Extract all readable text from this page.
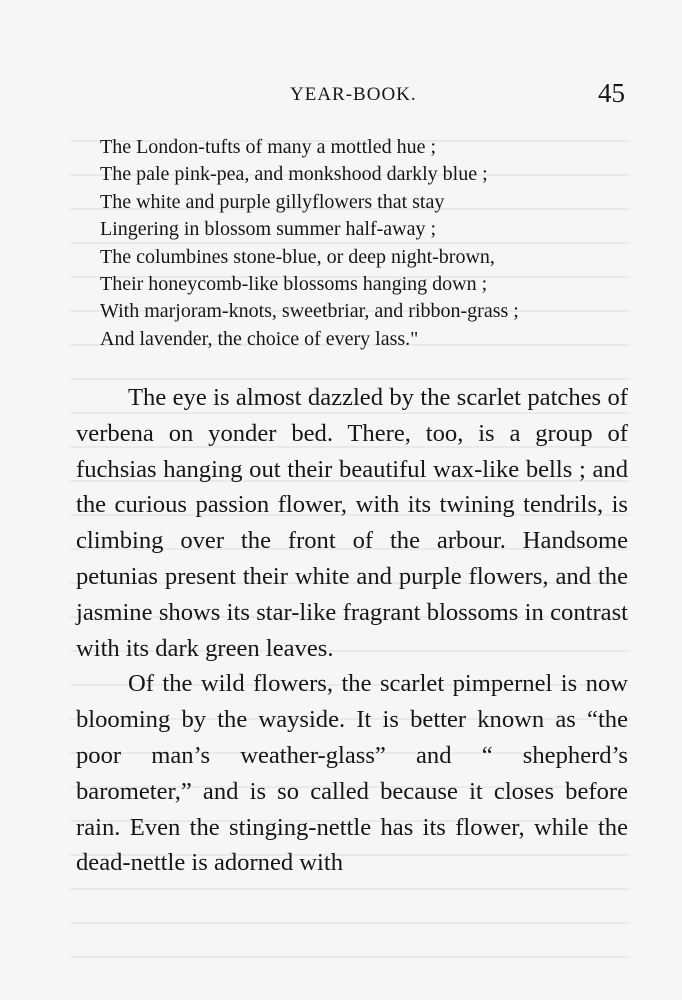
YEAR-BOOK.	45
The London-tufts of many a mottled hue ;
The pale pink-pea, and monkshood darkly blue ;
The white and purple gillyflowers that stay
Lingering in blossom summer half-away ;
The columbines stone-blue, or deep night-brown,
Their honeycomb-like blossoms hanging down ;
With marjoram-knots, sweetbriar, and ribbon-grass ;
And lavender, the choice of every lass."

The eye is almost dazzled by the scarlet patches of verbena on yonder bed. There, too, is a group of fuchsias hanging out their beautiful wax-like bells ; and the curious passion flower, with its twining tendrils, is climbing over the front of the arbour. Handsome petunias present their white and purple flowers, and the jasmine shows its star-like fragrant blossoms in contrast with its dark green leaves.

Of the wild flowers, the scarlet pimpernel is now blooming by the wayside. It is better known as “the poor man’s weather-glass” and “ shepherd’s barometer,” and is so called because it closes before rain. Even the stinging-nettle has its flower, while the dead-nettle is adorned with
